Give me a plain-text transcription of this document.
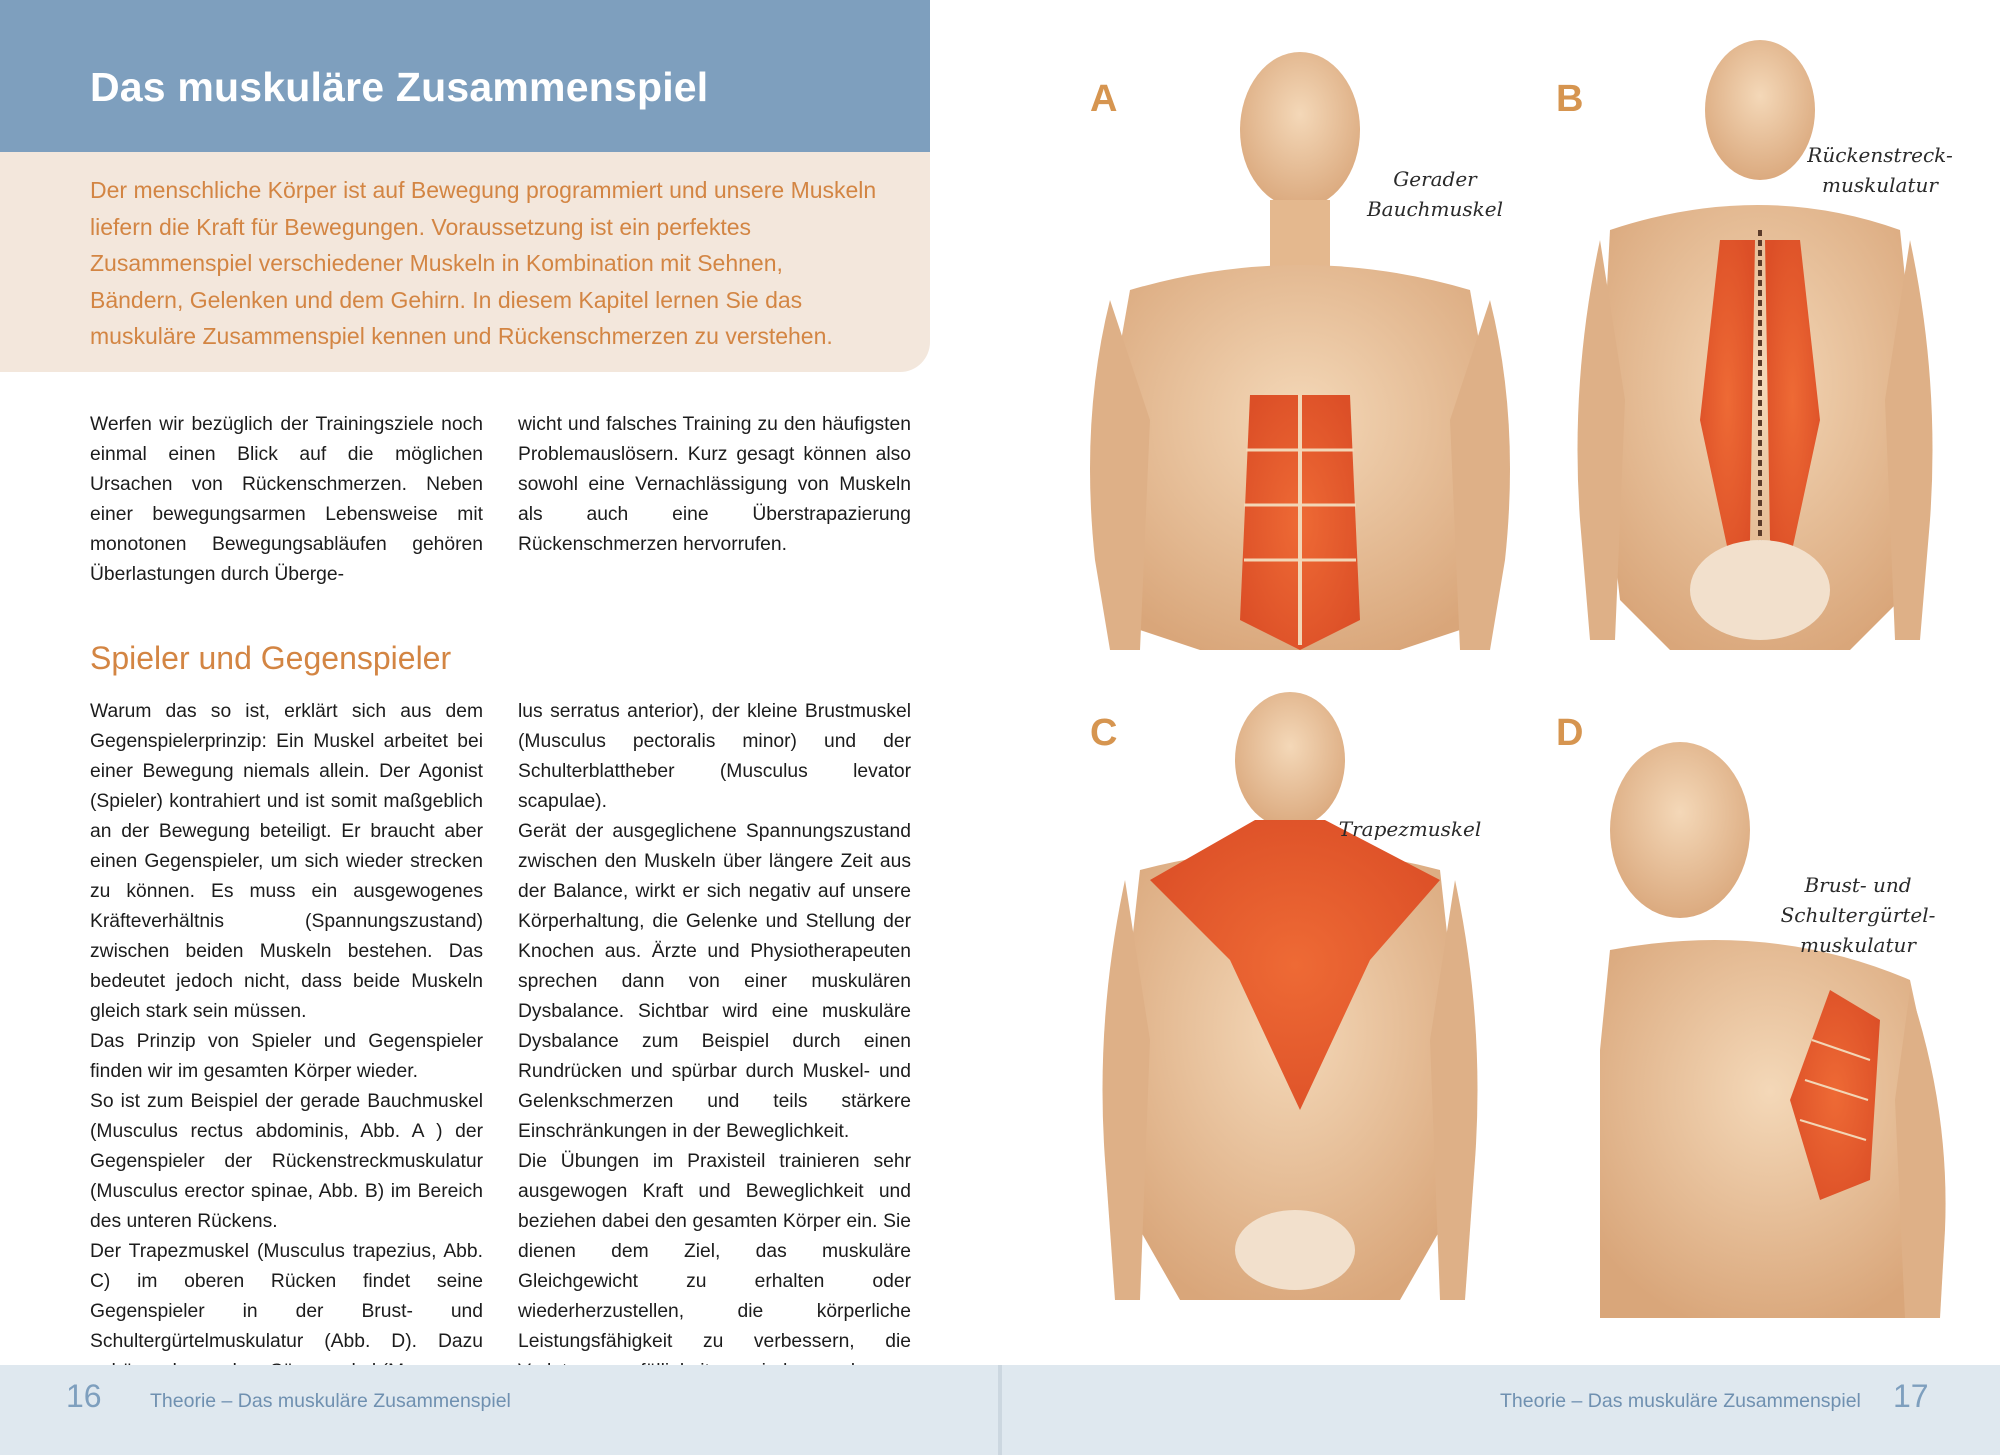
Das muskuläre Zusammenspiel

Der menschliche Körper ist auf Bewegung programmiert und unsere Muskeln liefern die Kraft für Bewegungen. Voraussetzung ist ein perfektes Zusammenspiel verschiedener Muskeln in Kombination mit Sehnen, Bändern, Gelenken und dem Gehirn. In diesem Kapitel lernen Sie das muskuläre Zusammenspiel kennen und Rückenschmerzen zu verstehen.

Werfen wir bezüglich der Trainingsziele noch einmal einen Blick auf die möglichen Ursachen von Rückenschmerzen. Neben einer bewegungsarmen Lebensweise mit monotonen Bewegungsabläufen gehören Überlastungen durch Überge-

wicht und falsches Training zu den häufigsten Problemauslösern. Kurz gesagt können also sowohl eine Vernachlässigung von Muskeln als auch eine Überstrapazierung Rückenschmerzen hervorrufen.

Spieler und Gegenspieler

Warum das so ist, erklärt sich aus dem Gegenspielerprinzip: Ein Muskel arbeitet bei einer Bewegung niemals allein. Der Agonist (Spieler) kontrahiert und ist somit maßgeblich an der Bewegung beteiligt. Er braucht aber einen Gegenspieler, um sich wieder strecken zu können. Es muss ein ausgewogenes Kräfteverhältnis (Spannungszustand) zwischen beiden Muskeln bestehen. Das bedeutet jedoch nicht, dass beide Muskeln gleich stark sein müssen.

Das Prinzip von Spieler und Gegenspieler finden wir im gesamten Körper wieder.

So ist zum Beispiel der gerade Bauchmuskel (Musculus rectus abdominis, Abb. A ) der Gegenspieler der Rückenstreckmuskulatur (Musculus erector spinae, Abb. B) im Bereich des unteren Rückens.

Der Trapezmuskel (Musculus trapezius, Abb. C) im oberen Rücken findet seine Gegenspieler in der Brust- und Schultergürtelmuskulatur (Abb. D). Dazu

lus serratus anterior), der kleine Brustmuskel (Musculus pectoralis minor) und der Schulterblattheber (Musculus levator scapulae).

Gerät der ausgeglichene Spannungszustand zwischen den Muskeln über längere Zeit aus der Balance, wirkt er sich negativ auf unsere Körperhaltung, die Gelenke und Stellung der Knochen aus. Ärzte und Physiotherapeuten sprechen dann von einer muskulären Dysbalance. Sichtbar wird eine muskuläre Dysbalance zum Beispiel durch einen Rundrücken und spürbar durch Muskel- und Gelenkschmerzen und teils stärkere Einschränkungen in der Beweglichkeit.

Die Übungen im Praxisteil trainieren sehr ausgewogen Kraft und Beweglichkeit und beziehen dabei den gesamten Körper ein. Sie dienen dem Ziel, das muskuläre Gleichgewicht zu erhalten oder wiederherzustellen, die körperliche Leistungsfähigkeit zu verbessern, die

A	B
C	D
Gerader
Bauchmuskel
Rückenstreck-
muskulatur
Trapezmuskel
Brust- und
Schultergürtel-
muskulatur
16 Theorie – Das muskuläre Zusammenspiel	Theorie – Das muskuläre Zusammenspiel 17
